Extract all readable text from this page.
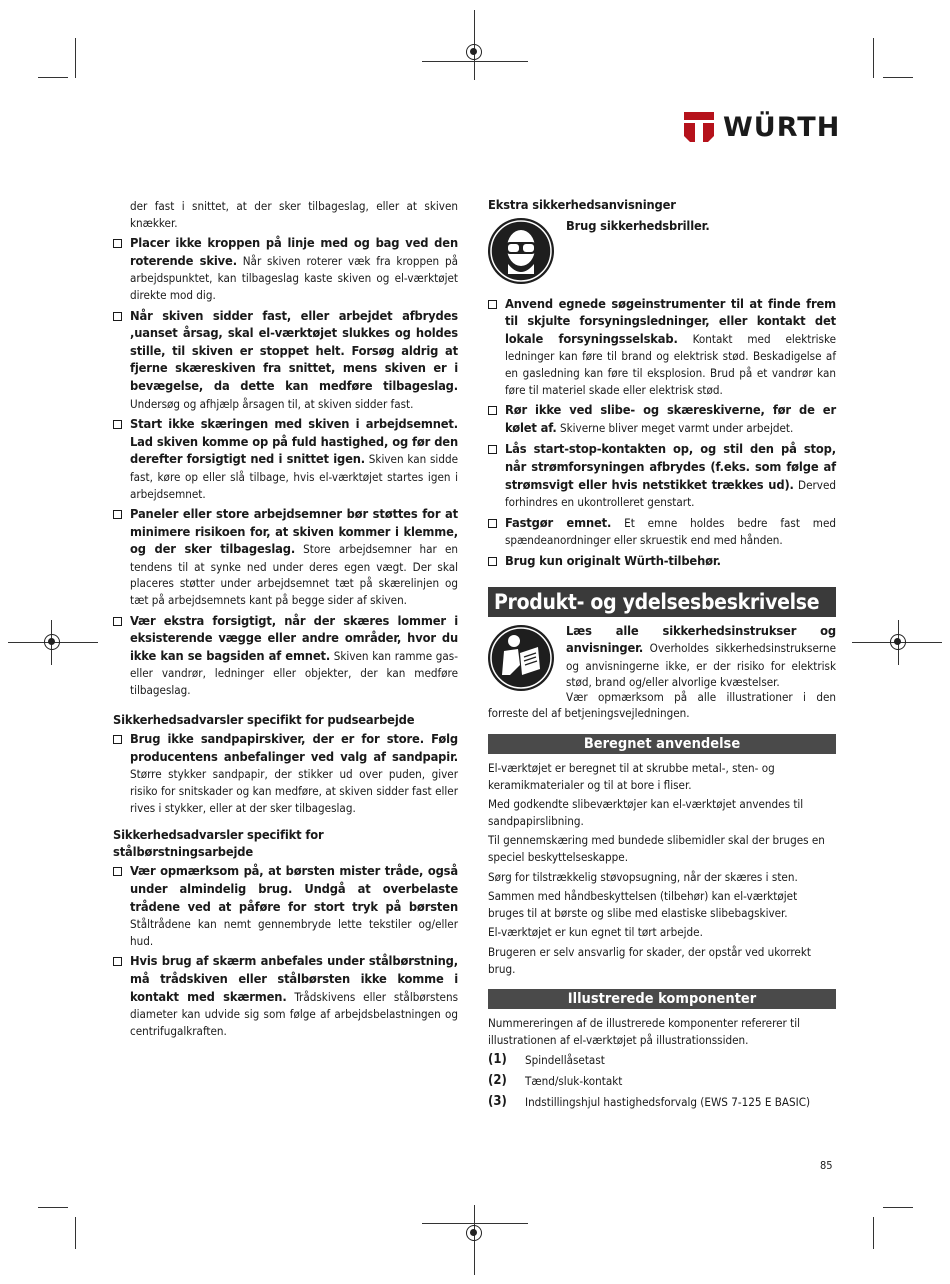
WÜRTH

der fast i snittet, at der sker tilbageslag, eller at skiven knækker.

Placer ikke kroppen på linje med og bag ved den roterende skive. Når skiven roterer væk fra kroppen på arbejdspunktet, kan tilbageslag kaste skiven og el-værktøjet direkte mod dig.
Når skiven sidder fast, eller arbejdet afbrydes ,uanset årsag, skal el-værktøjet slukkes og holdes stille, til skiven er stoppet helt. Forsøg aldrig at fjerne skæreskiven fra snittet, mens skiven er i bevægelse, da dette kan medføre tilbageslag. Undersøg og afhjælp årsagen til, at skiven sidder fast.
Start ikke skæringen med skiven i arbejdsemnet. Lad skiven komme op på fuld hastighed, og før den derefter forsigtigt ned i snittet igen. Skiven kan sidde fast, køre op eller slå tilbage, hvis el-værktøjet startes igen i arbejdsemnet.
Paneler eller store arbejdsemner bør støttes for at minimere risikoen for, at skiven kommer i klemme, og der sker tilbageslag. Store arbejdsemner har en tendens til at synke ned under deres egen vægt. Der skal placeres støtter under arbejdsemnet tæt på skærelinjen og tæt på arbejdsemnets kant på begge sider af skiven.
Vær ekstra forsigtigt, når der skæres lommer i eksisterende vægge eller andre områder, hvor du ikke kan se bagsiden af emnet. Skiven kan ramme gas- eller vandrør, ledninger eller objekter, der kan medføre tilbageslag.

Sikkerhedsadvarsler specifikt for pudsearbejde

Brug ikke sandpapirskiver, der er for store. Følg producentens anbefalinger ved valg af sandpapir. Større stykker sandpapir, der stikker ud over puden, giver risiko for snitskader og kan medføre, at skiven sidder fast eller rives i stykker, eller at der sker tilbageslag.

Sikkerhedsadvarsler specifikt for stålbørstningsarbejde

Vær opmærksom på, at børsten mister tråde, også under almindelig brug. Undgå at overbelaste trådene ved at påføre for stort tryk på børsten Ståltrådene kan nemt gennembryde lette tekstiler og/eller hud.
Hvis brug af skærm anbefales under stålbørstning, må trådskiven eller stålbørsten ikke komme i kontakt med skærmen. Trådskivens eller stålbørstens diameter kan udvide sig som følge af arbejdsbelastningen og centrifugalkraften.

Ekstra sikkerhedsanvisninger

Brug sikkerhedsbriller.

Anvend egnede søgeinstrumenter til at finde frem til skjulte forsyningsledninger, eller kontakt det lokale forsyningsselskab. Kontakt med elektriske ledninger kan føre til brand og elektrisk stød. Beskadigelse af en gasledning kan føre til eksplosion. Brud på et vandrør kan føre til materiel skade eller elektrisk stød.
Rør ikke ved slibe- og skæreskiverne, før de er kølet af. Skiverne bliver meget varmt under arbejdet.
Lås start-stop-kontakten op, og stil den på stop, når strømforsyningen afbrydes (f.eks. som følge af strømsvigt eller hvis netstikket trækkes ud). Derved forhindres en ukontrolleret genstart.
Fastgør emnet. Et emne holdes bedre fast med spændeanordninger eller skruestik end med hånden.
Brug kun originalt Würth-tilbehør.
Produkt- og ydelsesbeskrivelse

Læs alle sikkerhedsinstrukser og anvisninger. Overholdes sikkerhedsinstrukserne og anvisningerne ikke, er der risiko for elektrisk stød, brand og/eller alvorlige kvæstelser.

Vær opmærksom på alle illustrationer i den forreste del af betjeningsvejledningen.

Beregnet anvendelse

El-værktøjet er beregnet til at skrubbe metal-, sten- og keramikmaterialer og til at bore i fliser.

Med godkendte slibeværktøjer kan el-værktøjet anvendes til sandpapirslibning.

Til gennemskæring med bundede slibemidler skal der bruges en speciel beskyttelseskappe.

Sørg for tilstrækkelig støvopsugning, når der skæres i sten.

Sammen med håndbeskyttelsen (tilbehør) kan el-værktøjet bruges til at børste og slibe med elastiske slibebagskiver.

El-værktøjet er kun egnet til tørt arbejde.

Brugeren er selv ansvarlig for skader, der opstår ved ukorrekt brug.

Illustrerede komponenter

Nummereringen af de illustrerede komponenter refererer til illustrationen af el-værktøjet på illustrationssiden.

(1)	Spindellåsetast
(2)	Tænd/sluk-kontakt
(3)	Indstillingshjul hastighedsforvalg (EWS 7-125 E BASIC)
85
